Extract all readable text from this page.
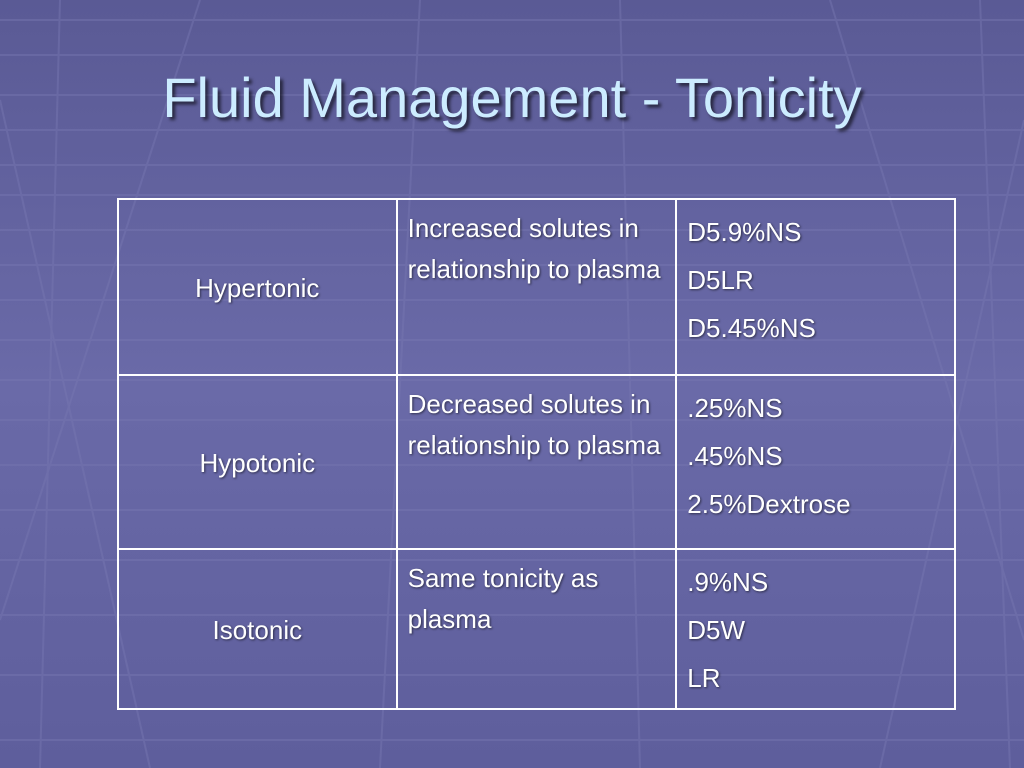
Fluid Management - Tonicity
Hypertonic	Increased solutes in relationship to plasma	D5.9%NS
D5LR
D5.45%NS

Hypotonic	Decreased solutes in relationship to plasma	.25%NS
.45%NS
2.5%Dextrose

Isotonic	Same tonicity as plasma	.9%NS
D5W
LR
